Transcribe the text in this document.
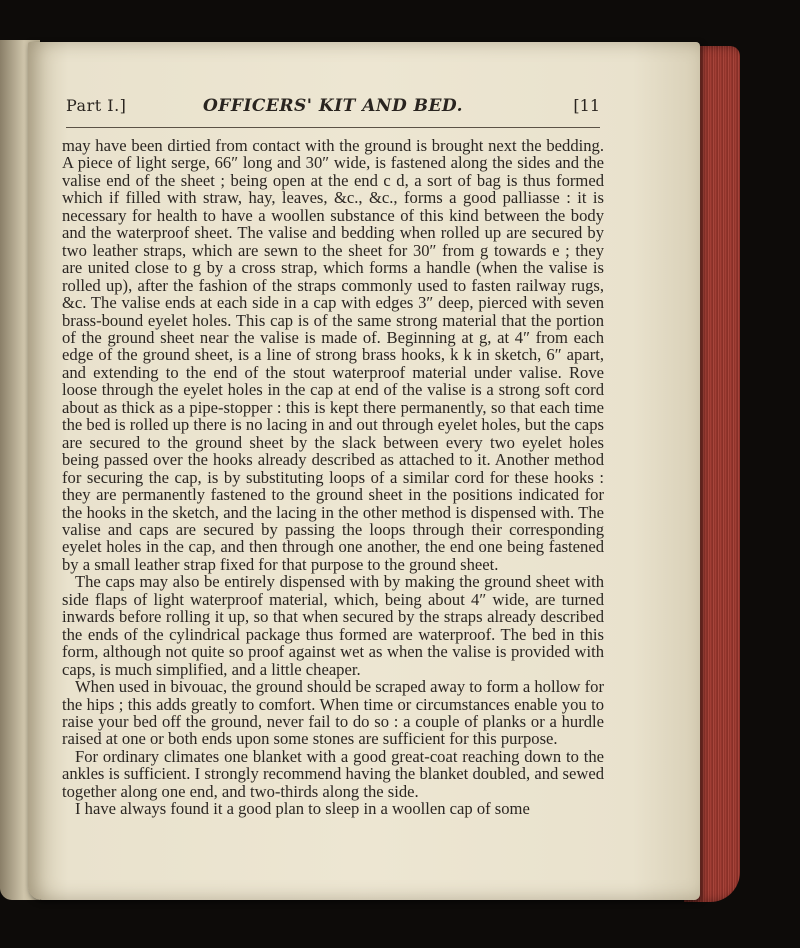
Part I.]	OFFICERS' KIT AND BED.	[11

may have been dirtied from contact with the ground is brought next the bedding. A piece of light serge, 66″ long and 30″ wide, is fastened along the sides and the valise end of the sheet ; being open at the end c d, a sort of bag is thus formed which if filled with straw, hay, leaves, &c., &c., forms a good palliasse : it is necessary for health to have a woollen substance of this kind between the body and the waterproof sheet. The valise and bedding when rolled up are secured by two leather straps, which are sewn to the sheet for 30″ from g towards e ; they are united close to g by a cross strap, which forms a handle (when the valise is rolled up), after the fashion of the straps commonly used to fasten railway rugs, &c. The valise ends at each side in a cap with edges 3″ deep, pierced with seven brass-bound eyelet holes. This cap is of the same strong material that the portion of the ground sheet near the valise is made of. Beginning at g, at 4″ from each edge of the ground sheet, is a line of strong brass hooks, k k in sketch, 6″ apart, and extending to the end of the stout waterproof material under valise. Rove loose through the eyelet holes in the cap at end of the valise is a strong soft cord about as thick as a pipe-stopper : this is kept there permanently, so that each time the bed is rolled up there is no lacing in and out through eyelet holes, but the caps are secured to the ground sheet by the slack between every two eyelet holes being passed over the hooks already described as attached to it. Another method for securing the cap, is by substituting loops of a similar cord for these hooks : they are permanently fastened to the ground sheet in the positions indicated for the hooks in the sketch, and the lacing in the other method is dispensed with. The valise and caps are secured by passing the loops through their corresponding eyelet holes in the cap, and then through one another, the end one being fastened by a small leather strap fixed for that purpose to the ground sheet.

The caps may also be entirely dispensed with by making the ground sheet with side flaps of light waterproof material, which, being about 4″ wide, are turned inwards before rolling it up, so that when secured by the straps already described the ends of the cylindrical package thus formed are waterproof. The bed in this form, although not quite so proof against wet as when the valise is provided with caps, is much simplified, and a little cheaper.

When used in bivouac, the ground should be scraped away to form a hollow for the hips ; this adds greatly to comfort. When time or circumstances enable you to raise your bed off the ground, never fail to do so : a couple of planks or a hurdle raised at one or both ends upon some stones are sufficient for this purpose.

For ordinary climates one blanket with a good great-coat reaching down to the ankles is sufficient. I strongly recommend having the blanket doubled, and sewed together along one end, and two-thirds along the side.

I have always found it a good plan to sleep in a woollen cap of some
